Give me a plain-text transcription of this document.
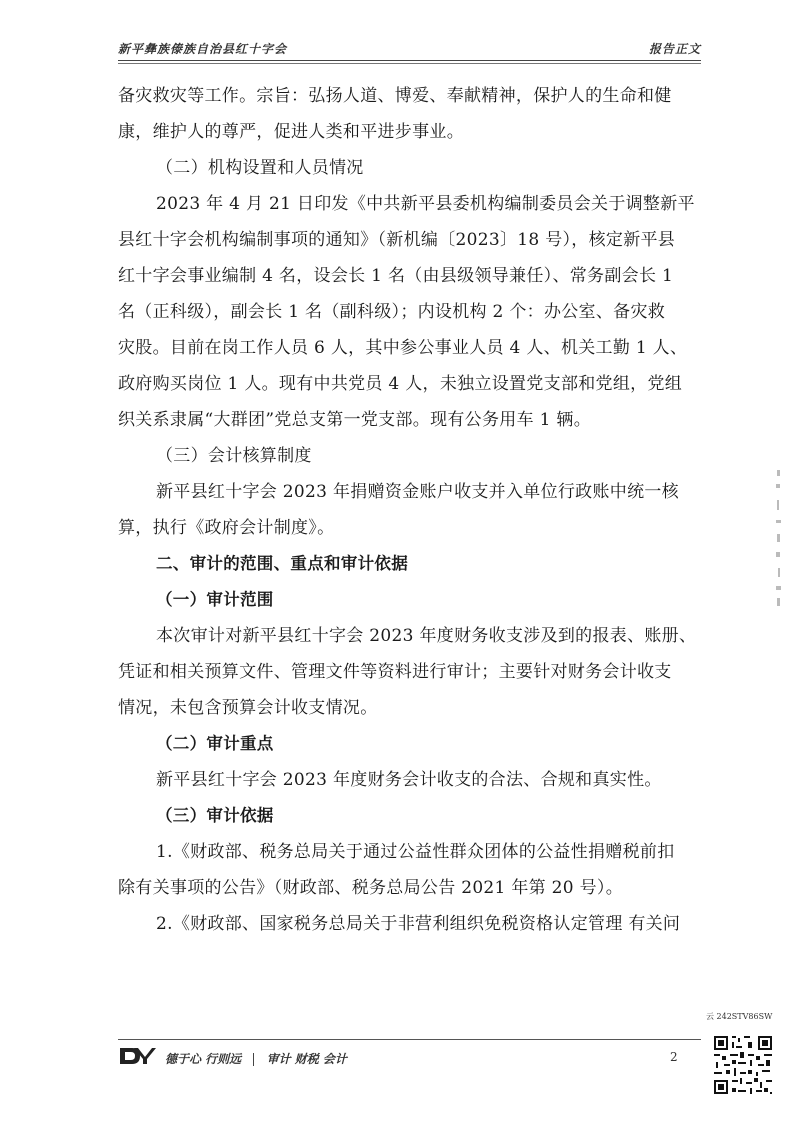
新平彝族傣族自治县红十字会	报告正文
备灾救灾等工作。宗旨：弘扬人道、博爱、奉献精神，保护人的生命和健
康，维护人的尊严，促进人类和平进步事业。
（二）机构设置和人员情况
2023 年 4 月 21 日印发《中共新平县委机构编制委员会关于调整新平
县红十字会机构编制事项的通知》（新机编〔2023〕18 号），核定新平县
红十字会事业编制 4 名，设会长 1 名（由县级领导兼任）、常务副会长 1
名（正科级），副会长 1 名（副科级）；内设机构 2 个：办公室、备灾救
灾股。目前在岗工作人员 6 人，其中参公事业人员 4 人、机关工勤 1 人、
政府购买岗位 1 人。现有中共党员 4 人，未独立设置党支部和党组，党组
织关系隶属“大群团”党总支第一党支部。现有公务用车 1 辆。
（三）会计核算制度
新平县红十字会 2023 年捐赠资金账户收支并入单位行政账中统一核
算，执行《政府会计制度》。
二、审计的范围、重点和审计依据
（一）审计范围
本次审计对新平县红十字会 2023 年度财务收支涉及到的报表、账册、
凭证和相关预算文件、管理文件等资料进行审计；主要针对财务会计收支
情况，未包含预算会计收支情况。
（二）审计重点
新平县红十字会 2023 年度财务会计收支的合法、合规和真实性。
（三）审计依据
1.《财政部、税务总局关于通过公益性群众团体的公益性捐赠税前扣
除有关事项的公告》（财政部、税务总局公告 2021 年第 20 号）。
2.《财政部、国家税务总局关于非营利组织免税资格认定管理 有关问
德于心 行则远 审计 财税 会计	2
云 242STV86SW
